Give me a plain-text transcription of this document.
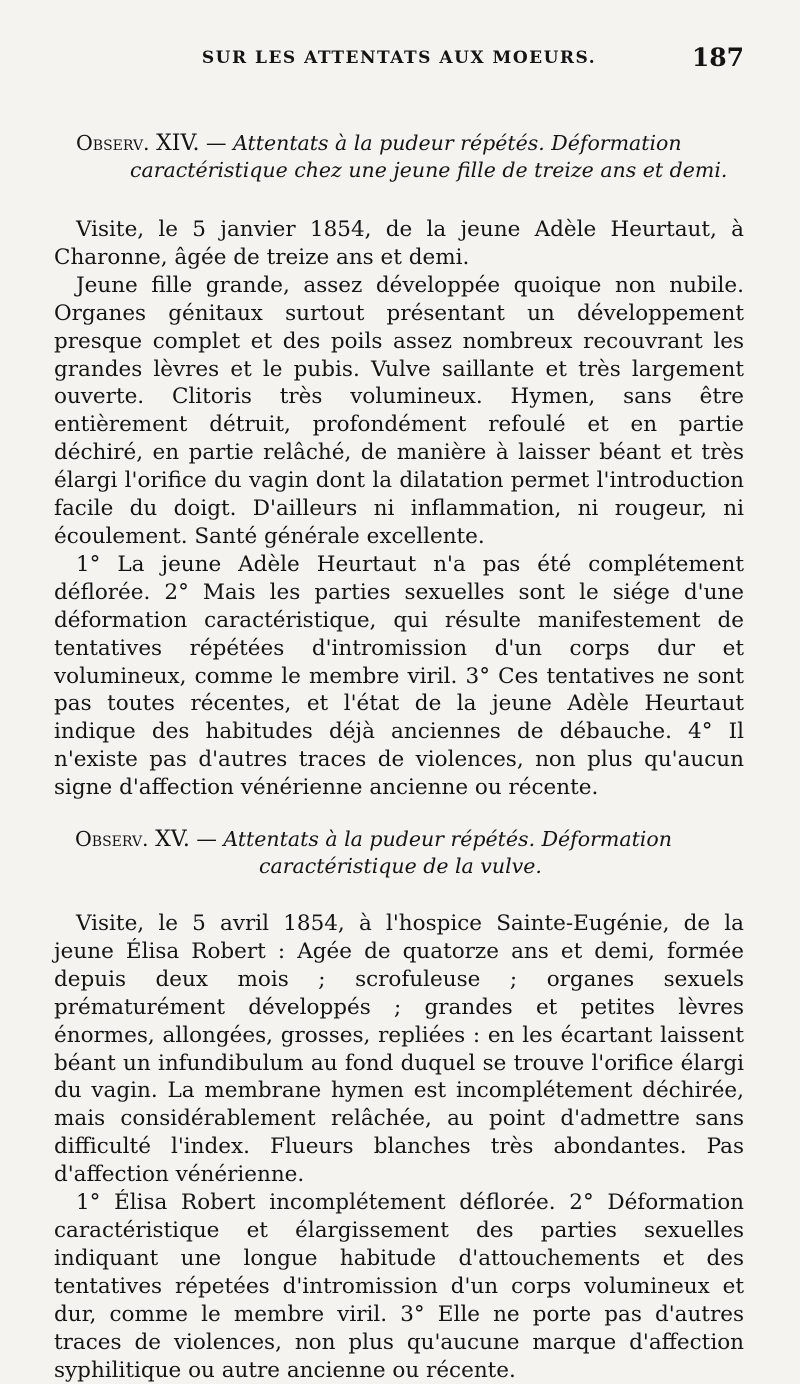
SUR LES ATTENTATS AUX MOEURS.	187
Observ. XIV. — Attentats à la pudeur répétés. Déformation caractéristique chez une jeune fille de treize ans et demi.

Visite, le 5 janvier 1854, de la jeune Adèle Heurtaut, à Charonne, âgée de treize ans et demi.

Jeune fille grande, assez développée quoique non nubile. Organes génitaux surtout présentant un développement presque complet et des poils assez nombreux recouvrant les grandes lèvres et le pubis. Vulve saillante et très largement ouverte. Clitoris très volumineux. Hymen, sans être entièrement détruit, profondément refoulé et en partie déchiré, en partie relâché, de manière à laisser béant et très élargi l'orifice du vagin dont la dilatation permet l'introduction facile du doigt. D'ailleurs ni inflammation, ni rougeur, ni écoulement. Santé générale excellente.

1° La jeune Adèle Heurtaut n'a pas été complétement déflorée. 2° Mais les parties sexuelles sont le siége d'une déformation caractéristique, qui résulte manifestement de tentatives répétées d'intromission d'un corps dur et volumineux, comme le membre viril. 3° Ces tentatives ne sont pas toutes récentes, et l'état de la jeune Adèle Heurtaut indique des habitudes déjà anciennes de débauche. 4° Il n'existe pas d'autres traces de violences, non plus qu'aucun signe d'affection vénérienne ancienne ou récente.

Observ. XV. — Attentats à la pudeur répétés. Déformation caractéristique de la vulve.

Visite, le 5 avril 1854, à l'hospice Sainte-Eugénie, de la jeune Élisa Robert : Agée de quatorze ans et demi, formée depuis deux mois ; scrofuleuse ; organes sexuels prématurément développés ; grandes et petites lèvres énormes, allongées, grosses, repliées : en les écartant laissent béant un infundibulum au fond duquel se trouve l'orifice élargi du vagin. La membrane hymen est incomplétement déchirée, mais considérablement relâchée, au point d'admettre sans difficulté l'index. Flueurs blanches très abondantes. Pas d'affection vénérienne.

1° Élisa Robert incomplétement déflorée. 2° Déformation caractéristique et élargissement des parties sexuelles indiquant une longue habitude d'attouchements et des tentatives répetées d'intromission d'un corps volumineux et dur, comme le membre viril. 3° Elle ne porte pas d'autres traces de violences, non plus qu'aucune marque d'affection syphilitique ou autre ancienne ou récente.
